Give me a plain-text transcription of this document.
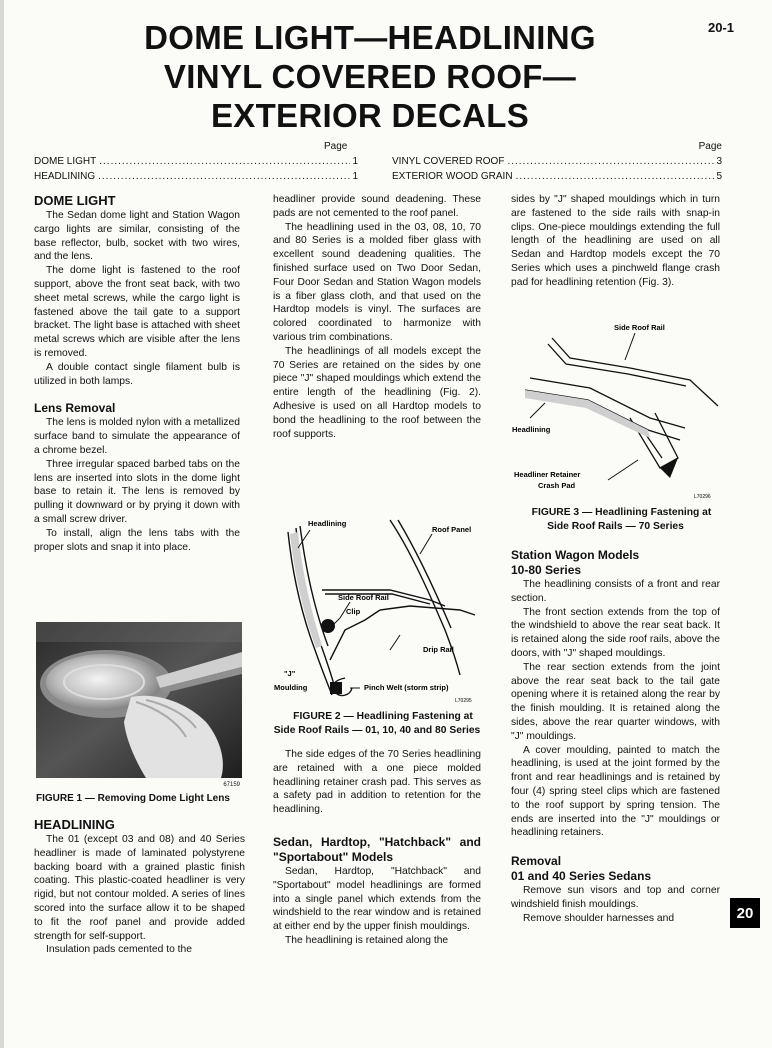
20-1
DOME LIGHT—HEADLINING
VINYL COVERED ROOF—
EXTERIOR DECALS
Page	Page
DOME LIGHT .....	1
HEADLINING .....	1
VINYL COVERED ROOF .....	3
EXTERIOR WOOD GRAIN .....	5
DOME LIGHT

The Sedan dome light and Station Wagon cargo lights are similar, consisting of the base reflector, bulb, socket with two wires, and the lens.

The dome light is fastened to the roof support, above the front seat back, with two sheet metal screws, while the cargo light is fastened above the tail gate to a support bracket. The light base is attached with sheet metal screws which are visible after the lens is removed.

A double contact single filament bulb is utilized in both lamps.

Lens Removal

The lens is molded nylon with a metallized surface band to simulate the appearance of a chrome bezel.

Three irregular spaced barbed tabs on the lens are inserted into slots in the dome light base to retain it. The lens is removed by pulling it downward or by prying it down with a small screw driver.

To install, align the lens tabs with the proper slots and snap it into place.

67159

FIGURE 1 — Removing Dome Light Lens

HEADLINING

The 01 (except 03 and 08) and 40 Series headliner is made of laminated polystyrene backing board with a grained plastic finish coating. This plastic-coated headliner is very rigid, but not contour molded. A series of lines scored into the surface allow it to be shaped to fit the roof panel and provide added strength for self-support.

Insulation pads cemented to the

headliner provide sound deadening. These pads are not cemented to the roof panel.

The headlining used in the 03, 08, 10, 70 and 80 Series is a molded fiber glass with excellent sound deadening qualities. The finished surface used on Two Door Sedan, Four Door Sedan and Station Wagon models is a fiber glass cloth, and that used on the Hardtop models is vinyl. The surfaces are colored coordinated to harmonize with various trim combinations.

The headlinings of all models except the 70 Series are retained on the sides by one piece "J" shaped mouldings which extend the entire length of the headlining (Fig. 2). Adhesive is used on all Hardtop models to bond the headlining to the roof between the roof supports.

Headlining
Roof Panel
Side Roof Rail
Clip
Drip Rail
"J"
Moulding	Pinch Welt (storm strip)
L70295

FIGURE 2 — Headlining Fastening at Side Roof Rails — 01, 10, 40 and 80 Series

The side edges of the 70 Series headlining are retained with a one piece molded headlining retainer crash pad. This serves as a safety pad in addition to retention for the headlining.

Sedan, Hardtop, "Hatchback" and "Sportabout" Models

Sedan, Hardtop, "Hatchback" and "Sportabout" model headlinings are formed into a single panel which extends from the windshield to the rear window and is retained at either end by the upper finish mouldings.

The headlining is retained along the

sides by "J" shaped mouldings which in turn are fastened to the side rails with snap-in clips. One-piece mouldings extending the full length of the headlining are used on all Sedan and Hardtop models except the 70 Series which uses a pinchweld flange crash pad for headlining retention (Fig. 3).

Side Roof Rail
Headlining
Headliner Retainer
Crash Pad
L70296

FIGURE 3 — Headlining Fastening at Side Roof Rails — 70 Series

Station Wagon Models
10-80 Series

The headlining consists of a front and rear section.

The front section extends from the top of the windshield to above the rear seat back. It is retained along the side roof rails, above the doors, with "J" shaped mouldings.

The rear section extends from the joint above the rear seat back to the tail gate opening where it is retained along the rear by the finish moulding. It is retained along the sides, above the rear quarter windows, with "J" mouldings.

A cover moulding, painted to match the headlining, is used at the joint formed by the front and rear headlinings and is retained by four (4) spring steel clips which are fastened to the roof support by spring tension. The ends are inserted into the "J" mouldings or headlining retainers.

Removal
01 and 40 Series Sedans

Remove sun visors and top and corner windshield finish mouldings.

Remove shoulder harnesses and	20
